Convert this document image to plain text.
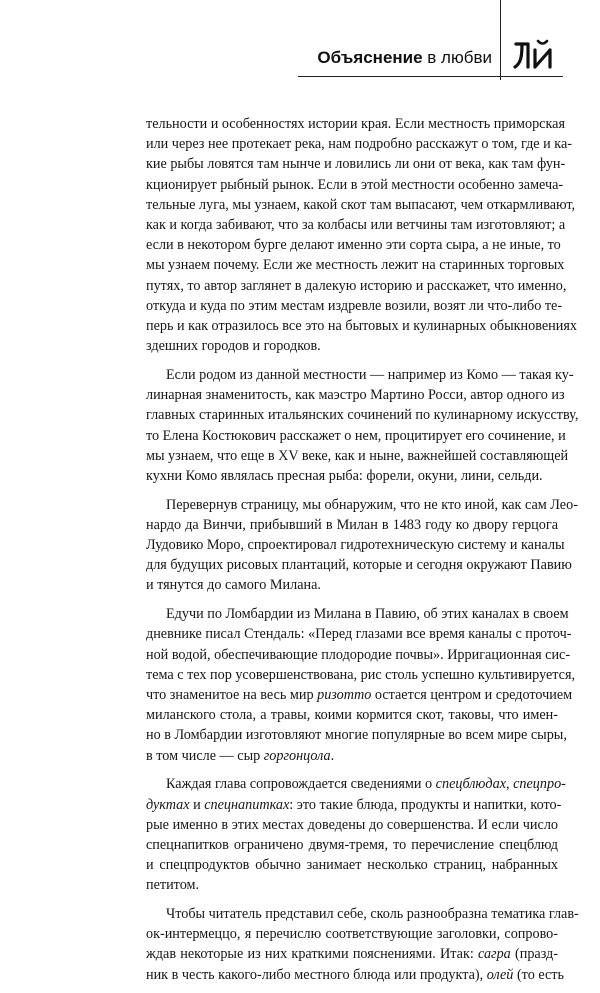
Объяснение в любви

тельности и особенностях истории края. Если местность приморская
или через нее протекает река, нам подробно расскажут о том, где и ка-
кие рыбы ловятся там нынче и ловились ли они от века, как там фун-
кционирует рыбный рынок. Если в этой местности особенно замеча-
тельные луга, мы узнаем, какой скот там выпасают, чем откармливают,
как и когда забивают, что за колбасы или ветчины там изготовляют; а
если в некотором бурге делают именно эти сорта сыра, а не иные, то
мы узнаем почему. Если же местность лежит на старинных торговых
путях, то автор заглянет в далекую историю и расскажет, что именно,
откуда и куда по этим местам издревле возили, возят ли что-либо те-
перь и как отразилось все это на бытовых и кулинарных обыкновениях
здешних городов и городков.

Если родом из данной местности — например из Комо — такая ку-
линарная знаменитость, как маэстро Мартино Росси, автор одного из
главных старинных итальянских сочинений по кулинарному искусству,
то Елена Костюкович расскажет о нем, процитирует его сочинение, и
мы узнаем, что еще в XV веке, как и ныне, важнейшей составляющей
кухни Комо являлась пресная рыба: форели, окуни, лини, сельди.

Перевернув страницу, мы обнаружим, что не кто иной, как сам Лео-
нардо да Винчи, прибывший в Милан в 1483 году ко двору герцога
Лудовико Моро, спроектировал гидротехническую систему и каналы
для будущих рисовых плантаций, которые и сегодня окружают Павию
и тянутся до самого Милана.

Едучи по Ломбардии из Милана в Павию, об этих каналах в своем
дневнике писал Стендаль: «Перед глазами все время каналы с проточ-
ной водой, обеспечивающие плодородие почвы». Ирригационная сис-
тема с тех пор усовершенствована, рис столь успешно культивируется,
что знаменитое на весь мир ризотто остается центром и средоточием
миланского стола, а травы, коими кормится скот, таковы, что имен-
но в Ломбардии изготовляют многие популярные во всем мире сыры,
в том числе — сыр горгонцола.

Каждая глава сопровождается сведениями о спецблюдах, спецпро-
дуктах и спецнапитках: это такие блюда, продукты и напитки, кото-
рые именно в этих местах доведены до совершенства. И если число
спецнапитков ограничено двумя-тремя, то перечисление спецблюд
и спецпродуктов обычно занимает несколько страниц, набранных
петитом.

Чтобы читатель представил себе, сколь разнообразна тематика глав-
ок-интермеццо, я перечислю соответствующие заголовки, сопрово-
ждав некоторые из них краткими пояснениями. Итак: сагра (празд-
ник в честь какого-либо местного блюда или продукта), олей (то есть
